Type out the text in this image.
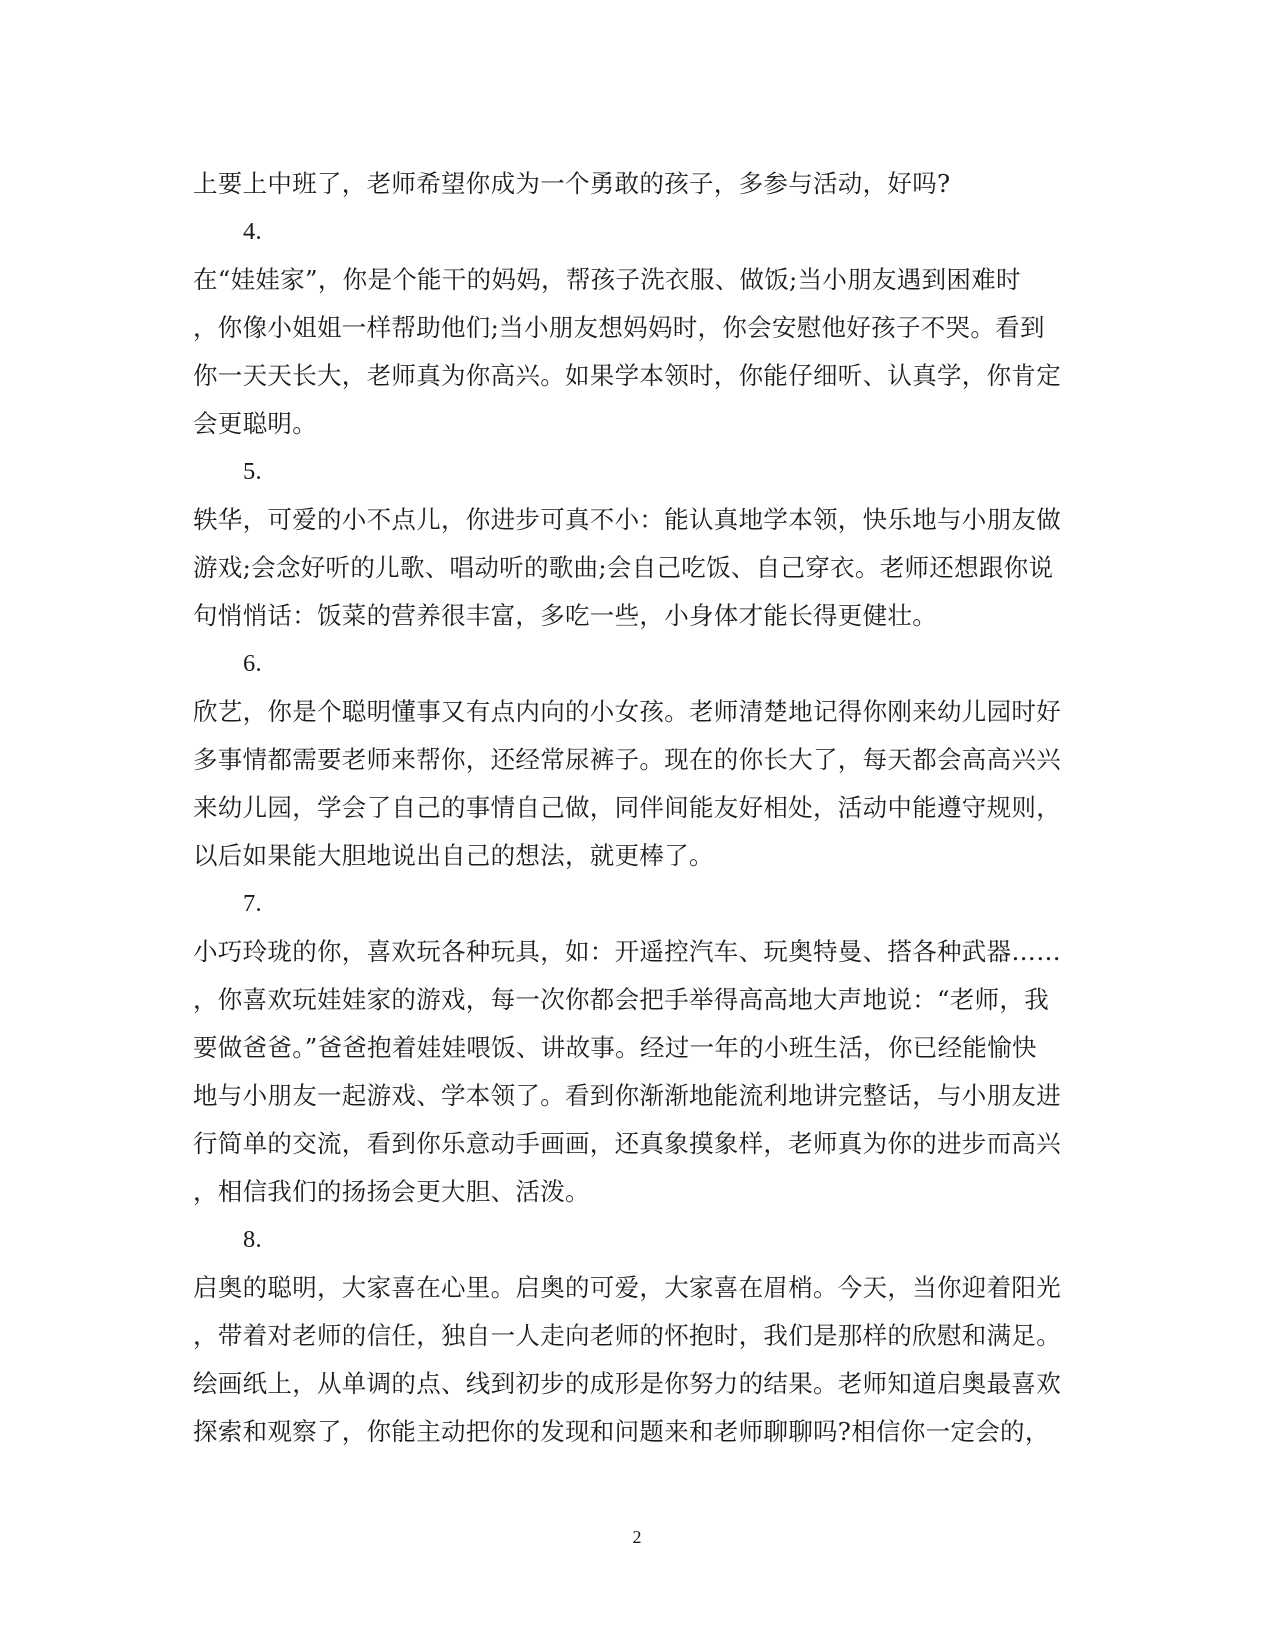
上要上中班了，老师希望你成为一个勇敢的孩子，多参与活动，好吗?
4.
在“娃娃家”，你是个能干的妈妈，帮孩子洗衣服、做饭;当小朋友遇到困难时
，你像小姐姐一样帮助他们;当小朋友想妈妈时，你会安慰他好孩子不哭。看到
你一天天长大，老师真为你高兴。如果学本领时，你能仔细听、认真学，你肯定
会更聪明。
5.
轶华，可爱的小不点儿，你进步可真不小：能认真地学本领，快乐地与小朋友做
游戏;会念好听的儿歌、唱动听的歌曲;会自己吃饭、自己穿衣。老师还想跟你说
句悄悄话：饭菜的营养很丰富，多吃一些，小身体才能长得更健壮。
6.
欣艺，你是个聪明懂事又有点内向的小女孩。老师清楚地记得你刚来幼儿园时好
多事情都需要老师来帮你，还经常尿裤子。现在的你长大了，每天都会高高兴兴
来幼儿园，学会了自己的事情自己做，同伴间能友好相处，活动中能遵守规则，
以后如果能大胆地说出自己的想法，就更棒了。
7.
小巧玲珑的你，喜欢玩各种玩具，如：开遥控汽车、玩奥特曼、搭各种武器……
，你喜欢玩娃娃家的游戏，每一次你都会把手举得高高地大声地说：“老师，我
要做爸爸。”爸爸抱着娃娃喂饭、讲故事。经过一年的小班生活，你已经能愉快
地与小朋友一起游戏、学本领了。看到你渐渐地能流利地讲完整话，与小朋友进
行简单的交流，看到你乐意动手画画，还真象摸象样，老师真为你的进步而高兴
，相信我们的扬扬会更大胆、活泼。
8.
启奥的聪明，大家喜在心里。启奥的可爱，大家喜在眉梢。今天，当你迎着阳光
，带着对老师的信任，独自一人走向老师的怀抱时，我们是那样的欣慰和满足。
绘画纸上，从单调的点、线到初步的成形是你努力的结果。老师知道启奥最喜欢
探索和观察了，你能主动把你的发现和问题来和老师聊聊吗?相信你一定会的，
2
